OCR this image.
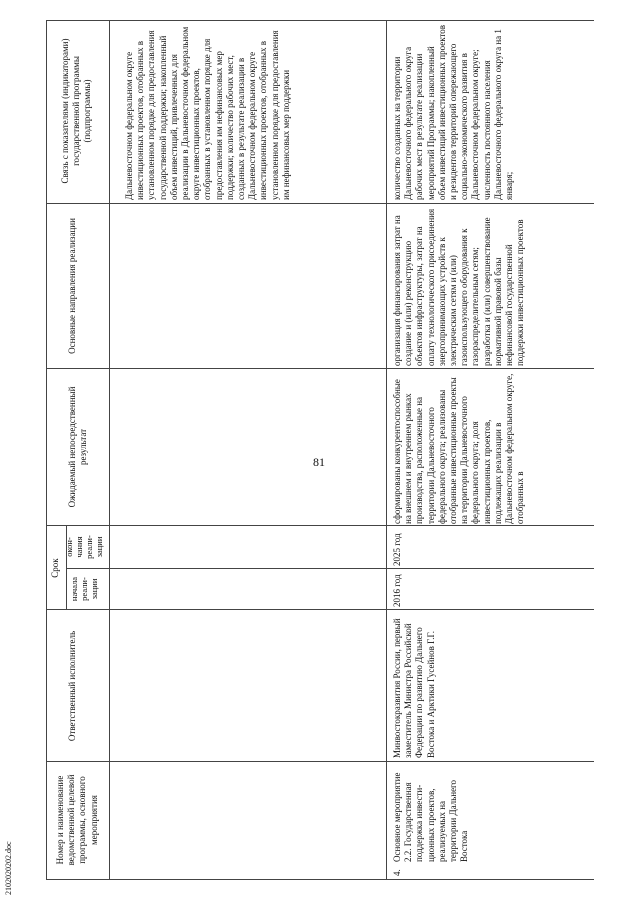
81
2102020202.doc
Номер и наименование ведомственной целевой программы, основного мероприятия
Ответственный исполнитель
Срок
начала реали- зации
окон- чания реали- зации
Ожидаемый непосредственный результат
Основные направления реализации
Связь с показателями (индикаторами) государственной программы (подпрограммы)	Дальневосточном федеральном округе инвестиционных проектов, отобранных в установленном порядке для предоставления государственной поддержки; накопленный объем инвестиций, привлеченных для реализации в Дальневосточном федеральном округе инвестиционных проектов, отобранных в установленном порядке для предоставления им нефинансовых мер поддержки; количество рабочих мест, созданных в результате реализации в Дальневосточном федеральном округе инвестиционных проектов, отобранных в установленном порядке для предоставления им нефинансовых мер поддержки
4.
Основное мероприятие 2.2. Государственная поддержка инвести- ционных проектов, реализуемых на территории Дальнего Востока
Минвостокразвития России, первый заместитель Министра Российской Федерации по развитию Дальнего Востока и Арктики Гусейнов Г.Г.
2016 год
2025 год
сформированы конкурентоспособные на внешнем и внутреннем рынках производства, расположенные на территории Дальневосточного федерального округа; реализованы отобранные инвестиционные проекты на территории Дальневосточного федерального округа; доля инвестиционных проектов, подлежащих реализации в Дальневосточном федеральном округе, отобранных в
организация финансирования затрат на создание и (или) реконструкцию объектов инфраструктуры, затрат на оплату технологического присоединения энергопринимающих устройств к электрическим сетям и (или) газоиспользующего оборудования к газораспределительным сетям; разработка и (или) совершенствование нормативной правовой базы нефинансовой государственной поддержки инвестиционных проектов
количество созданных на территории Дальневосточного федерального округа рабочих мест в результате реализации мероприятий Программы; накопленный объем инвестиций инвестиционных проектов и резидентов территорий опережающего социально-экономического развития в Дальневосточном федеральном округе; численность постоянного населения Дальневосточного федерального округа на 1 января;
